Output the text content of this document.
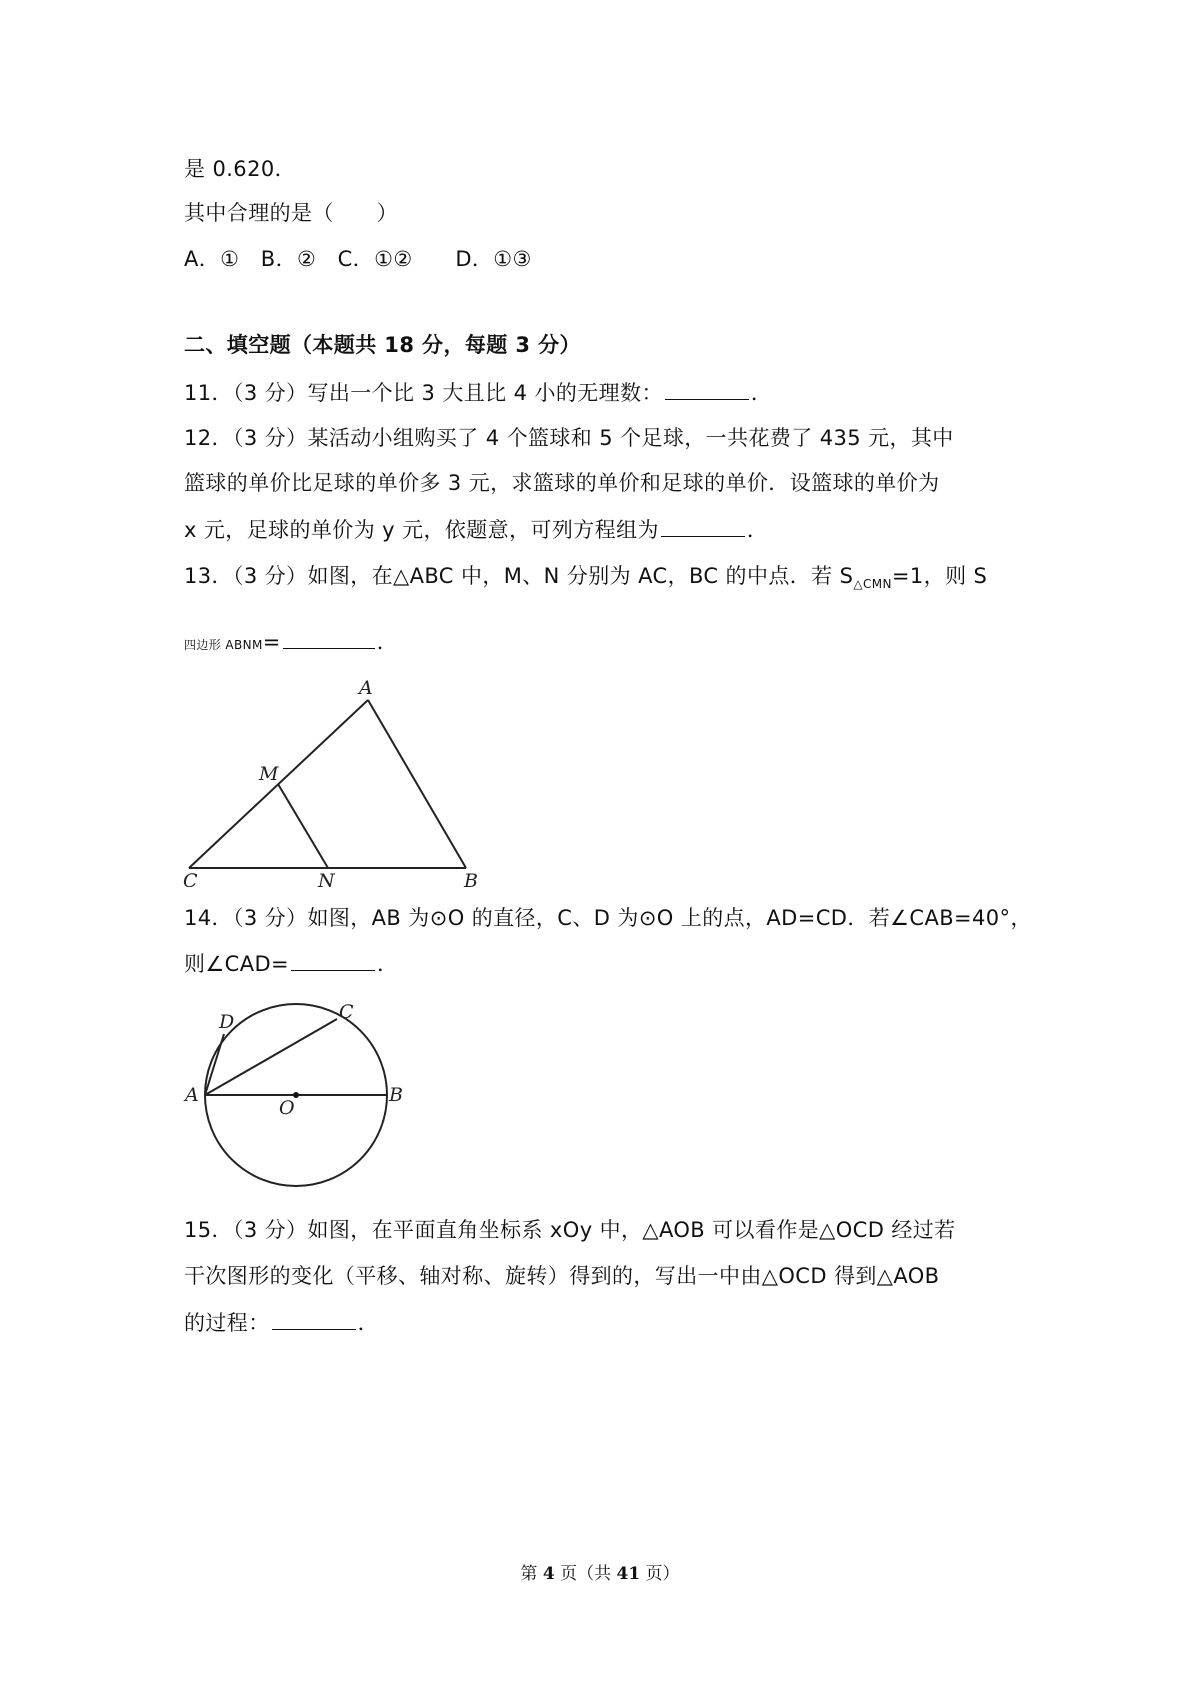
是 0.620．
其中合理的是（　　）
A．①　B．②　C．①②　　D．①③
二、填空题（本题共 18 分，每题 3 分）
11．（3 分）写出一个比 3 大且比 4 小的无理数：	．
12．（3 分）某活动小组购买了 4 个篮球和 5 个足球，一共花费了 435 元，其中
篮球的单价比足球的单价多 3 元，求篮球的单价和足球的单价．设篮球的单价为
x 元，足球的单价为 y 元，依题意，可列方程组为	．
13．（3 分）如图，在△ABC 中，M、N 分别为 AC，BC 的中点．若 $S_{\triangle CMN}=1$，则 S
四边形 ABNM=	．
A
M
C	N	B
14．（3 分）如图，AB 为⊙O 的直径，C、D 为⊙O 上的点，AD=CD．若∠CAB=40°，
则∠CAD=	．
D	C
A
O
B
15．（3 分）如图，在平面直角坐标系 xOy 中，△AOB 可以看作是△OCD 经过若
干次图形的变化（平移、轴对称、旋转）得到的，写出一中由△OCD 得到△AOB
的过程：	．
第 4 页（共 41 页）
